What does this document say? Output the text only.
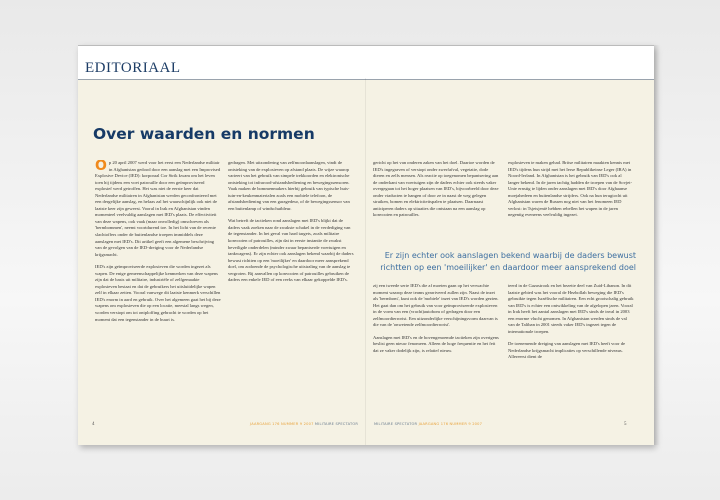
EDITORIAAL
Over waarden en normen

Op 20 april 2007 werd voor het eerst een Nederlandse militair in Afghanistan gedood door een aanslag met een Improvised Explosive Device (IED): korporaal Cor Strik kwam om het leven toen hij tijdens een voet patrouille door een geïmproviseerd explosief werd getroffen. Het was niet de eerste keer dat Nederlandse militairen in Afghanistan werden geconfronteerd met een dergelijke aanslag, en helaas zal het waarschijnlijk ook niet de laatste keer zijn geweest. Vooral in Irak en Afghanistan vinden momenteel veelvuldig aanslagen met IED's plaats. De effectiviteit van deze wapens, ook vaak (maar onvolledig) omschreven als 'bermbommen', neemt voortdurend toe. In het licht van de recente slachtoffers onder de buitenlandse troepen immiddels deze aanslagen met IED's. Dit artikel geeft een algemene beschrijving van de gevolgen van de IED-dreiging voor de Nederlandse krijgsmacht.

IED's zijn geïmproviseerde explosieven die worden ingezet als wapen. De enige gemeenschappelijke kenmerken van deze wapens zijn dat de basis uit militaire, industriële of zelfgemaakte explosieven bestaat en dat de gebruikers het uitsluitdelijke wapen zelf in elkaar zetten. Vooral vanwege dit laatste kenmerk verschillen IED's enorm in aard en gebruik. Over het algemeen gaat het bij deze wapens om explosieven die op een locatie, meestal langs wegen, worden verstopt om tot ontploffing gebracht te worden op het moment dat een tegenstander in de buurt is.

gedragen. Met uitzondering van zelfmoordaanslagen, vindt de ontsteking van de explosieven op afstand plaats. De wijze waarop varieert van het gebruik van simpele trekkoorden en elektronische ontsteking tot infrarood-afstandsbediening en bewegingssensoren. Vaak maken de bommenmakers hierbij gebruik van typische huis-tuin-en-keukenmaterialen zoals een mobiele telefoon, de afstandsbediening van een garagedeur, of de bewegingssensor van een buitenlamp of windschutbleur.

Wat betreft de tactieken rond aanslagen met IED's blijkt dat de daders vaak zoeken naar de zwakste schakel in de verdediging van de tegenstander. In het geval van hard targets, zoals militaire konvooien of patrouilles, zijn dat in eerste instantie de zwakst beveiligde onderdelen (minder zwaar bepantserde voertuigen en tankwagens). Er zijn echter ook aanslagen bekend waarbij de daders bewust richtten op een 'moeilijker' en daardoor meer aansprekend doel, om zodoende de psychologische uitstraling van de aanslag te vergroten. Bij aanvallen op konvooien of patrouilles gebruiken de daders een enkele IED of een reeks van elkaar gekoppelde IED's.

gericht op het van onderen zaken van het doel. Daartoe worden de IED's ingegraven of verstopt onder zwerfafval, vegetatie, dode dieren en zelfs mensen. Als reactie op toegenomen bepantsering aan de onderkant van voertuigen zijn de daders echter ook steeds vaker overgegaan tot het hoger plaatsen van IED's, bijvoorbeeld door deze onder viaducten te hangen of door ze in naast de weg gelegen struiken, bomen en elektriciteitspalen te plaatsen. Daarnaast anticiperen daders op situaties die ontstaan na een aanslag op konvooien en patrouilles.

explosieven te maken gehad. Britse militairen maakten kennis met IED's tijdens hun strijd met het Ierse Republikeinse Leger (IRA) in Noord-Ierland. In Afghanistan is het gebruik van IED's ook al langer bekend. In de jaren tachtig hadden de troepen van de Sovjet-Unie ernstig te lijden onder aanslagen met IED's door Afghaanse moejahedeen en buitenlandse strijders. Ook na hun terugtocht uit Afghanistan waren de Russen nog niet van het fenomeen IED verlost: in Tsjetsjenië hebben rebellen het wapen in de jaren negentig eveneens veelvuldig ingezet.

Er zijn echter ook aanslagen bekend waarbij de daders bewust richtten op een 'moeilijker' en daardoor meer aansprekend doel

zij een tweede serie IED's die af moeten gaan op het verwachte moment waarop deze teams gearriveerd zullen zijn. Naast de inzet als 'bermbom', kunt ook de 'mobiele' inzet van IED's worden gezien. Het gaat dan om het gebruik van voor geïmproviseerde explosieven in de vorm van een (vracht)autobom of gedragen door een zelfmoordterrorist. Een uitzonderlijke verschijningsvorm daarvan is die van de 'onwetende zelfmoordterrorist'.

Aanslagen met IED's en de bovengenoemde tactieken zijn overigens beslist geen nieuw fenomeen. Alleen de hoge frequentie en het feit dat ze vaker dodelijk zijn, is relatief nieuw.

teerd in de Gazastrook en het bezette deel van Zuid-Libanon. In dit laatste gebied was het vooral de Hezbollah beweging die IED's gebruikte tegen Israëlische militairen. Een echt grootschalig gebruik van IED's is echter een ontwikkeling van de afgelopen jaren. Vooral in Irak heeft het aantal aanslagen met IED's sinds de inval in 2003 een enorme vlucht genomen. In Afghanistan werden sinds de val van de Taliban in 2001 steeds vaker IED's ingezet tegen de internationale troepen.

De toenemende dreiging van aanslagen met IED's heeft voor de Nederlandse krijgsmacht implicaties op verschillende niveaus. Allereerst dient de

4	JAARGANG 176 NUMMER 9 2007 MILITAIRE SPECTATOR	MILITAIRE SPECTATOR JAARGANG 176 NUMMER 9 2007	5
